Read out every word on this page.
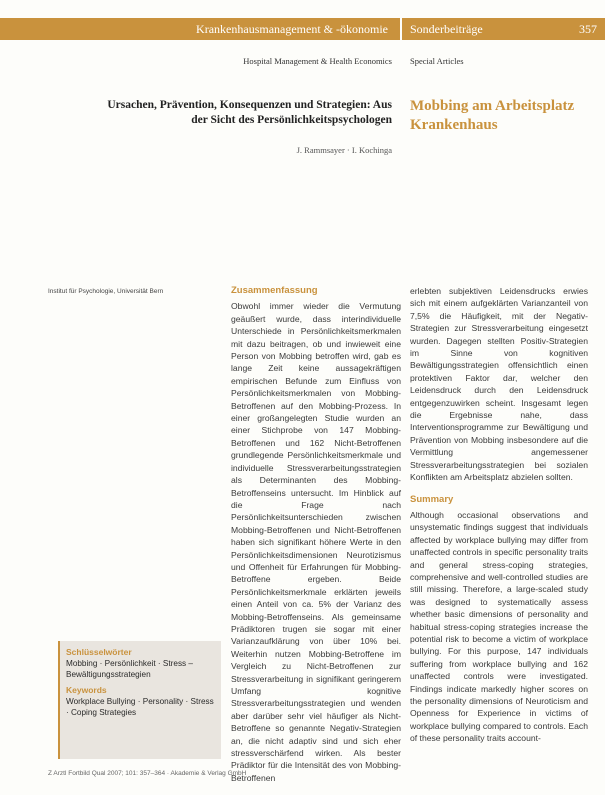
Krankenhausmanagement & -ökonomie Sonderbeiträge	357
Hospital Management & Health Economics Special Articles
Ursachen, Prävention, Konsequenzen und Strategien: Aus der Sicht des Persönlichkeitspsychologen
J. Rammsayer · I. Kochinga
Mobbing am Arbeitsplatz Krankenhaus
Institut für Psychologie, Universität Bern	Zusammenfassung

Obwohl immer wieder die Vermutung geäußert wurde, dass interindividuelle Unterschiede in Persönlichkeitsmerkmalen mit dazu beitragen, ob und inwieweit eine Person von Mobbing betroffen wird, gab es lange Zeit keine aussagekräftigen empirischen Befunde zum Einfluss von Persönlichkeitsmerkmalen von Mobbing-Betroffenen auf den Mobbing-Prozess. In einer großangelegten Studie wurden an einer Stichprobe von 147 Mobbing-Betroffenen und 162 Nicht-Betroffenen grundlegende Persönlichkeitsmerkmale und individuelle Stressverarbeitungsstrategien als Determinanten des Mobbing-Betroffenseins untersucht. Im Hinblick auf die Frage nach Persönlichkeitsunterschieden zwischen Mobbing-Betroffenen und Nicht-Betroffenen haben sich signifikant höhere Werte in den Persönlichkeitsdimensionen Neurotizismus und Offenheit für Erfahrungen für Mobbing-Betroffene ergeben. Beide Persönlichkeitsmerkmale erklärten jeweils einen Anteil von ca. 5% der Varianz des Mobbing-Betroffenseins. Als gemeinsame Prädiktoren trugen sie sogar mit einer Varianzaufklärung von über 10% bei. Weiterhin nutzen Mobbing-Betroffene im Vergleich zu Nicht-Betroffenen zur Stressverarbeitung in signifikant geringerem Umfang kognitive Stressverarbeitungsstrategien und wenden aber darüber sehr viel häufiger als Nicht-Betroffene so genannte Negativ-Strategien an, die nicht adaptiv sind und sich eher stressverschärfend wirken. Als bester Prädiktor für die Intensität des von Mobbing-Betroffenen

erlebten subjektiven Leidensdrucks erwies sich mit einem aufgeklärten Varianzanteil von 7,5% die Häufigkeit, mit der Negativ-Strategien zur Stressverarbeitung eingesetzt wurden. Dagegen stellten Positiv-Strategien im Sinne von kognitiven Bewältigungsstrategien offensichtlich einen protektiven Faktor dar, welcher den Leidensdruck durch den Leidensdruck entgegenzuwirken scheint. Insgesamt legen die Ergebnisse nahe, dass Interventionsprogramme zur Bewältigung und Prävention von Mobbing insbesondere auf die Vermittlung angemessener Stressverarbeitungsstrategien bei sozialen Konflikten am Arbeitsplatz abzielen sollten.

Summary

Although occasional observations and unsystematic findings suggest that individuals affected by workplace bullying may differ from unaffected controls in specific personality traits and general stress-coping strategies, comprehensive and well-controlled studies are still missing. Therefore, a large-scaled study was designed to systematically assess whether basic dimensions of personality and habitual stress-coping strategies increase the potential risk to become a victim of workplace bullying. For this purpose, 147 individuals suffering from workplace bullying and 162 unaffected controls were investigated. Findings indicate markedly higher scores on the personality dimensions of Neuroticism and Openness for Experience in victims of workplace bullying compared to controls. Each of these personality traits account-

Schlüsselwörter
Mobbing · Persönlichkeit · Stress – Bewältigungsstrategien
Keywords
Workplace Bullying · Personality · Stress · Coping Strategies
Z Arztl Fortbild Qual 2007; 101: 357–364 · Akademie & Verlag GmbH
